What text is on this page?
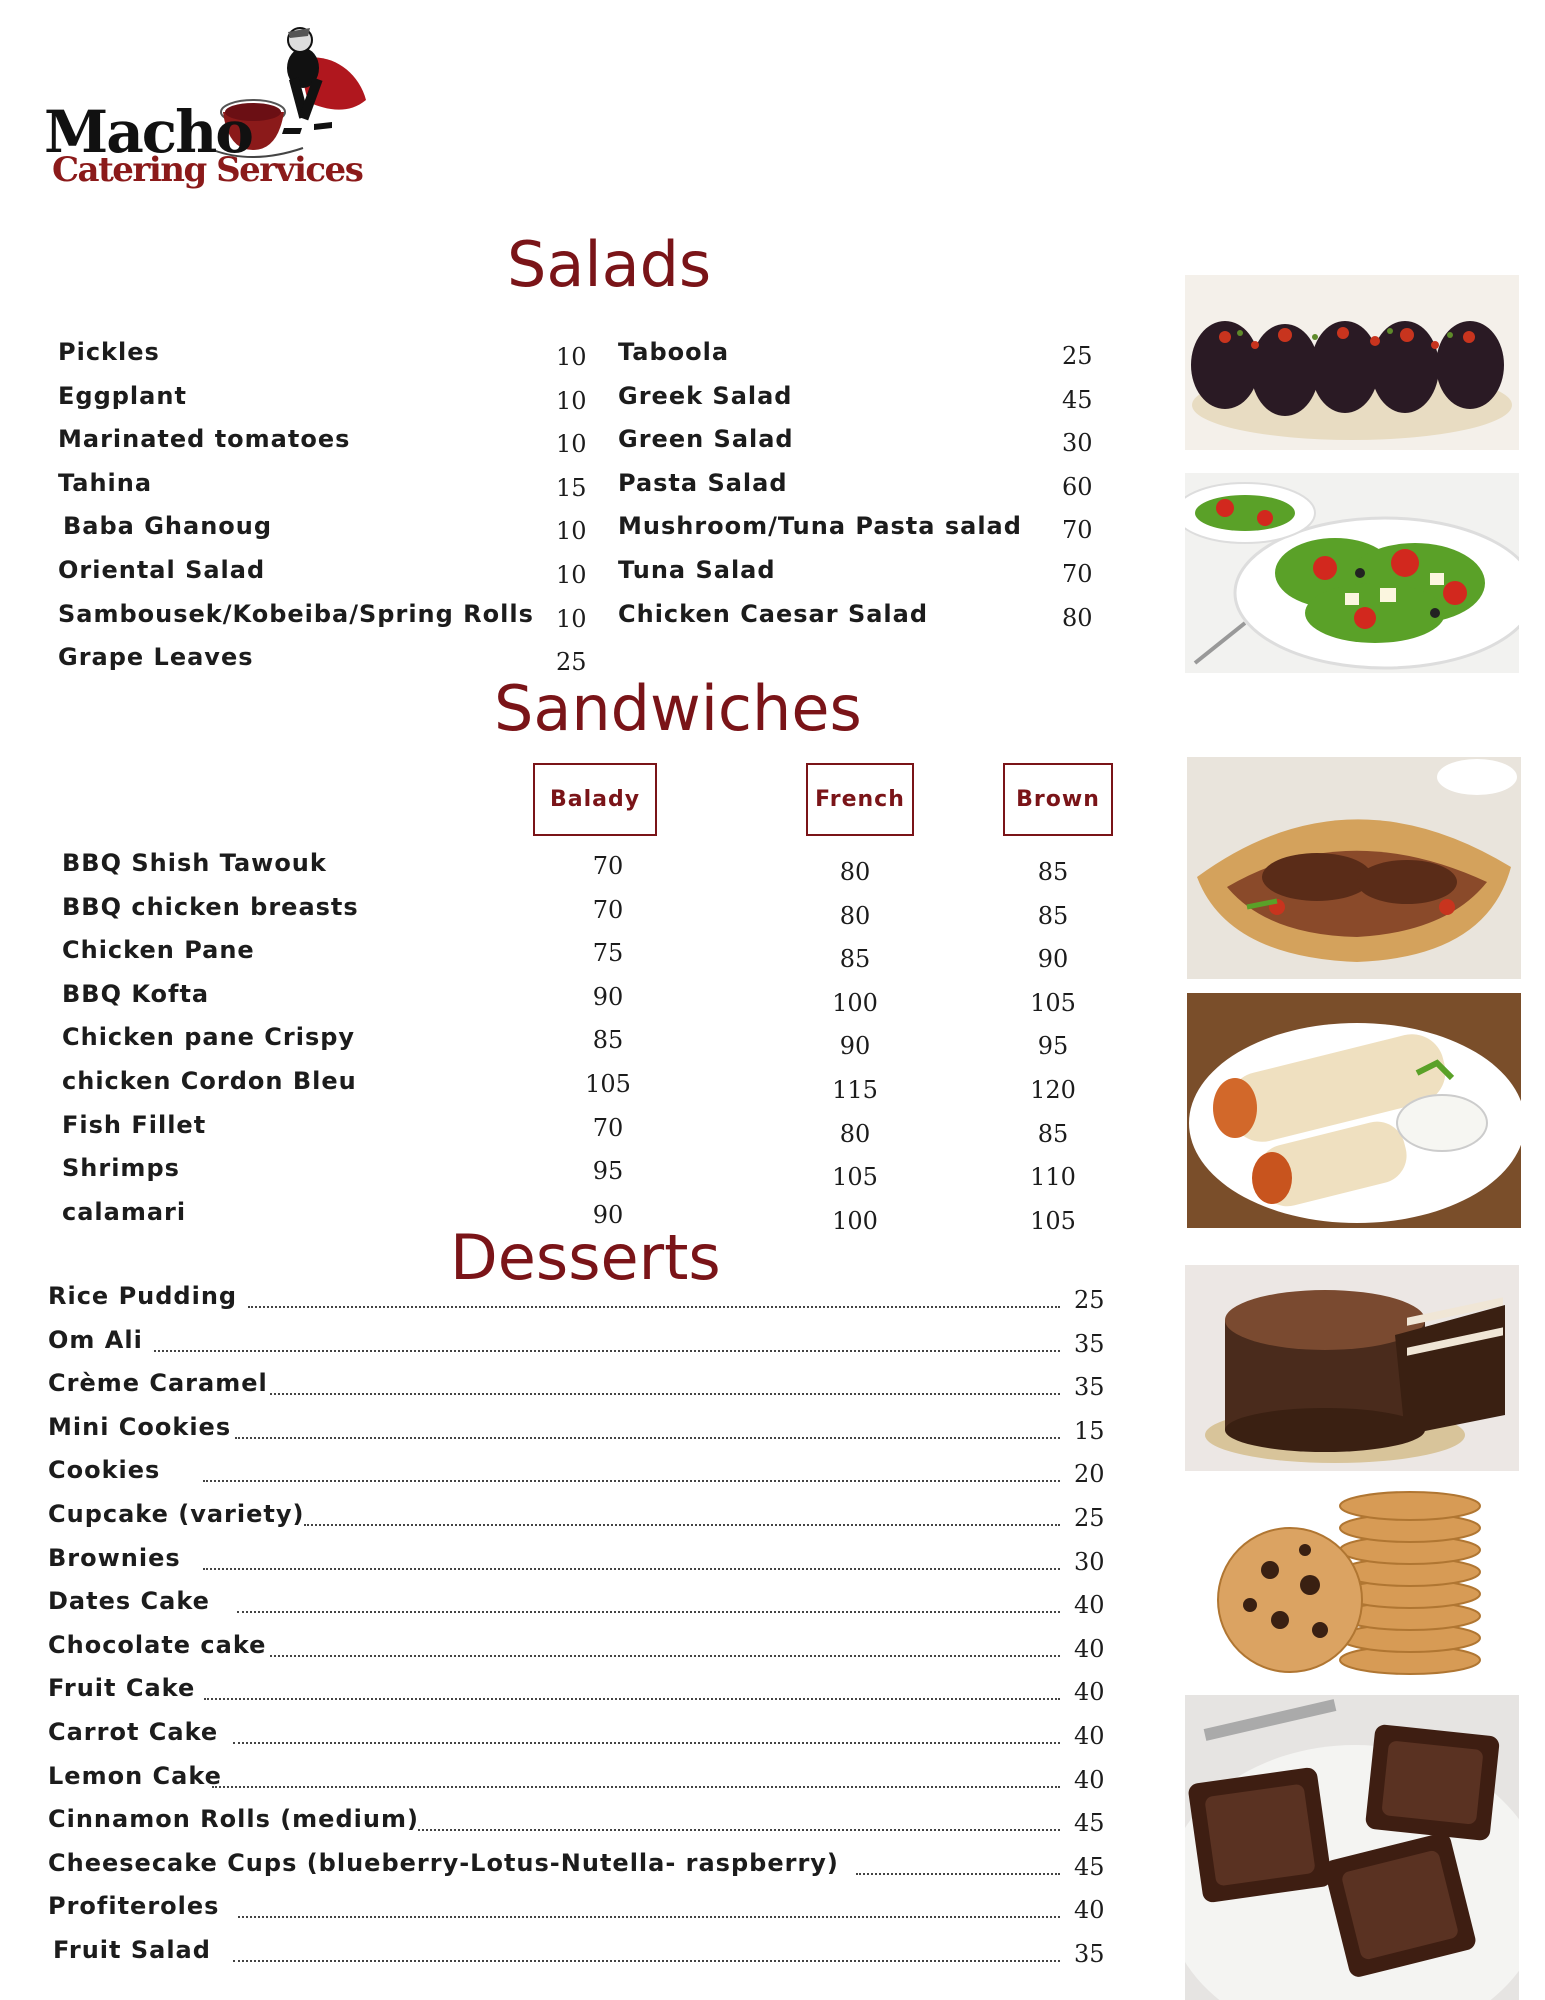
Macho
Catering Services
Salads
Sandwiches
Desserts
Pickles	10
Eggplant	10
Marinated tomatoes	10
Tahina	15
Baba Ghanoug	10
Oriental Salad	10
Sambousek/Kobeiba/Spring Rolls 10
Grape Leaves	25
Taboola	25
Greek Salad	45
Green Salad	30
Pasta Salad	60
Mushroom/Tuna Pasta salad 70
Tuna Salad	70
Chicken Caesar Salad	80
Balady	French	Brown
BBQ Shish Tawouk	70	80	85
BBQ chicken breasts	70	80	85
Chicken Pane	75	85	90
BBQ Kofta	90	100	105
Chicken pane Crispy	85	90	95
chicken Cordon Bleu	105	115	120
Fish Fillet	70	80	85
Shrimps	95	105	110
calamari	90	100	105
Rice Pudding	25
Om Ali	35
Crème Caramel	35
Mini Cookies	15
Cookies	20
Cupcake (variety)	25
Brownies	30
Dates Cake	40
Chocolate cake	40
Fruit Cake	40
Carrot Cake	40
Lemon Cake	40
Cinnamon Rolls (medium)	45
Cheesecake Cups (blueberry-Lotus-Nutella- raspberry)	45
Profiteroles	40
Fruit Salad	35
